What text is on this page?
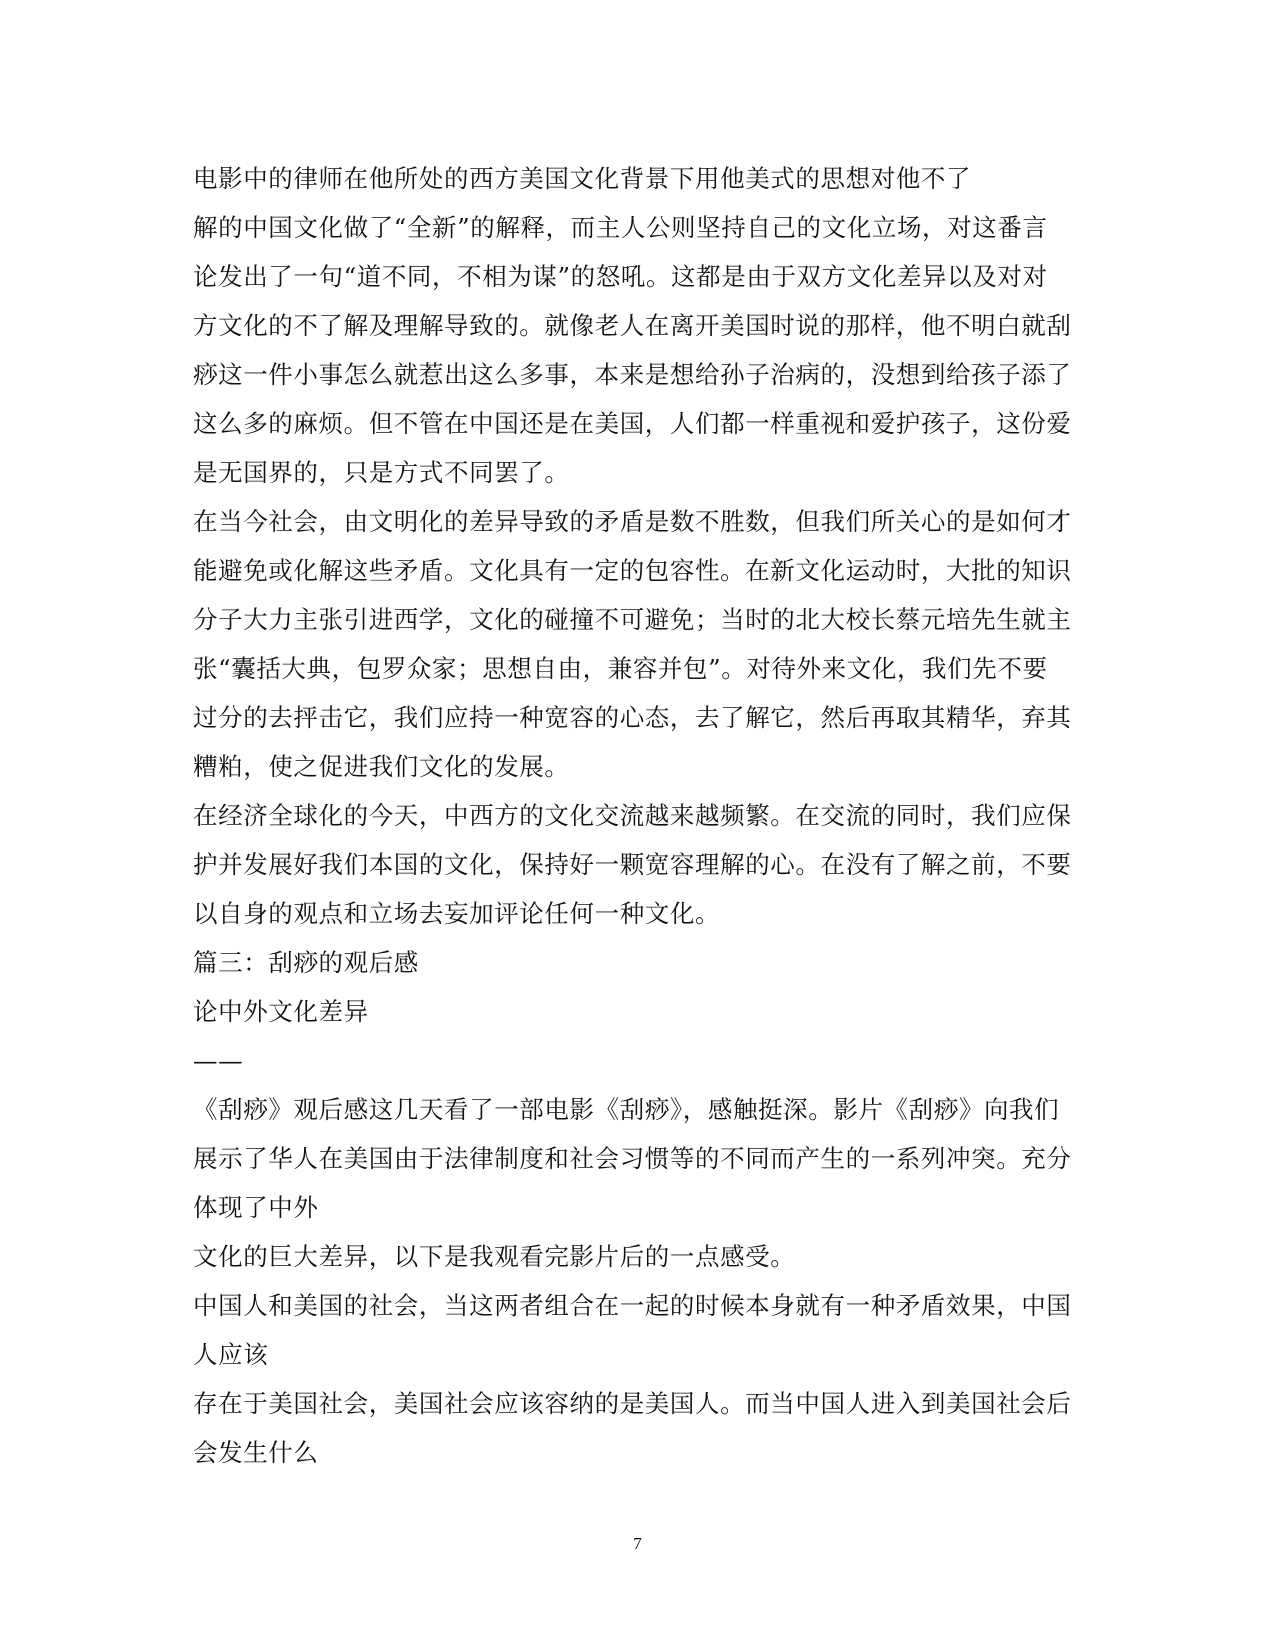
电影中的律师在他所处的西方美国文化背景下用他美式的思想对他不了
解的中国文化做了“全新”的解释，而主人公则坚持自己的文化立场，对这番言
论发出了一句“道不同，不相为谋”的怒吼。这都是由于双方文化差异以及对对
方文化的不了解及理解导致的。就像老人在离开美国时说的那样，他不明白就刮
痧这一件小事怎么就惹出这么多事，本来是想给孙子治病的，没想到给孩子添了
这么多的麻烦。但不管在中国还是在美国，人们都一样重视和爱护孩子，这份爱
是无国界的，只是方式不同罢了。
在当今社会，由文明化的差异导致的矛盾是数不胜数，但我们所关心的是如何才
能避免或化解这些矛盾。文化具有一定的包容性。在新文化运动时，大批的知识
分子大力主张引进西学，文化的碰撞不可避免；当时的北大校长蔡元培先生就主
张“囊括大典，包罗众家；思想自由，兼容并包”。对待外来文化，我们先不要
过分的去抨击它，我们应持一种宽容的心态，去了解它，然后再取其精华，弃其
糟粕，使之促进我们文化的发展。
在经济全球化的今天，中西方的文化交流越来越频繁。在交流的同时，我们应保
护并发展好我们本国的文化，保持好一颗宽容理解的心。在没有了解之前，不要
以自身的观点和立场去妄加评论任何一种文化。
篇三：刮痧的观后感
论中外文化差异
——
《刮痧》观后感这几天看了一部电影《刮痧》，感触挺深。影片《刮痧》向我们
展示了华人在美国由于法律制度和社会习惯等的不同而产生的一系列冲突。充分
体现了中外
文化的巨大差异，以下是我观看完影片后的一点感受。
中国人和美国的社会，当这两者组合在一起的时候本身就有一种矛盾效果，中国
人应该
存在于美国社会，美国社会应该容纳的是美国人。而当中国人进入到美国社会后
会发生什么
7
